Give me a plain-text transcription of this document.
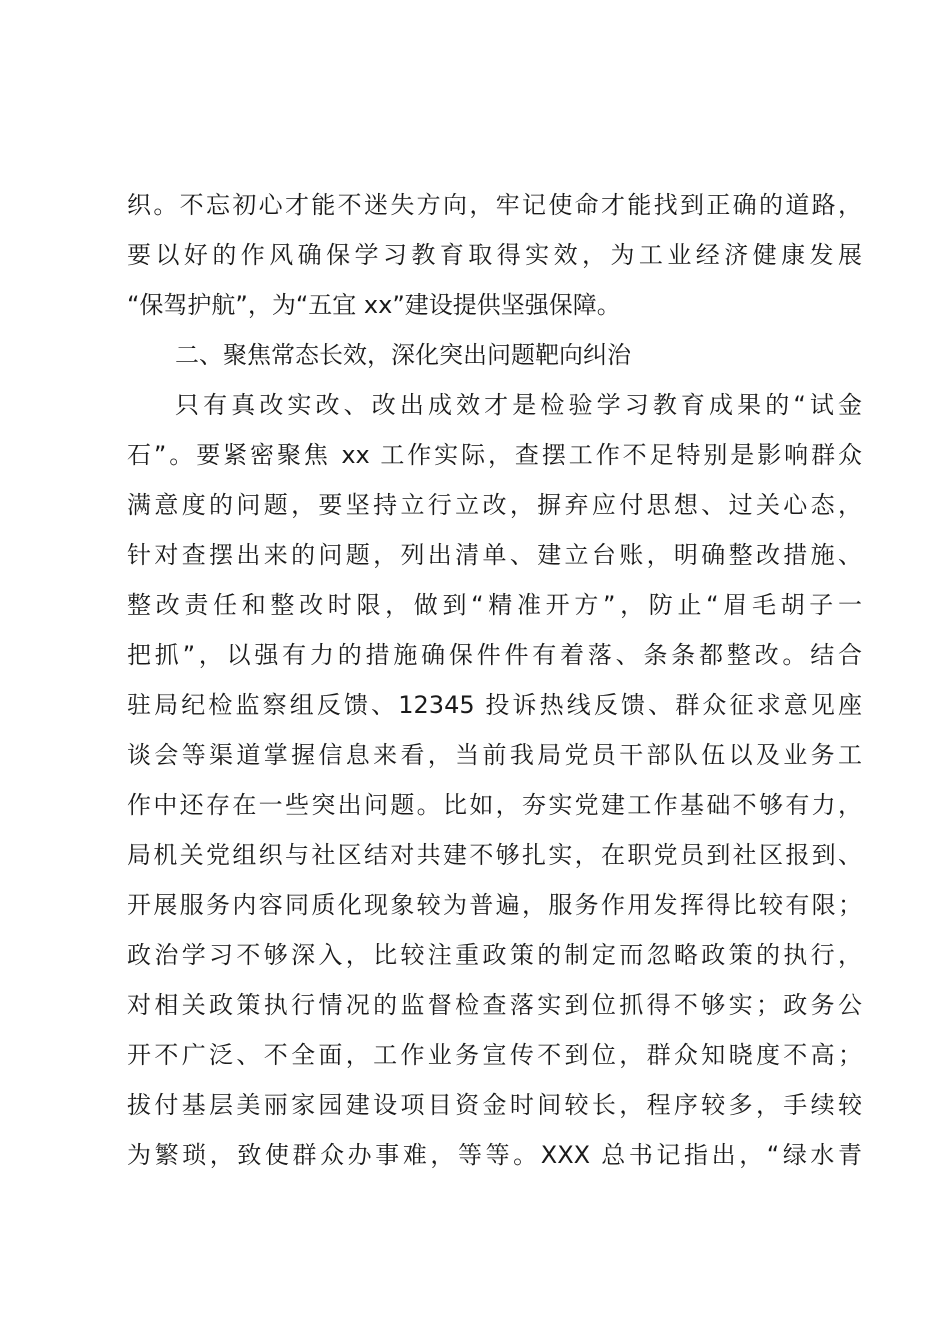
织。不忘初心才能不迷失方向，牢记使命才能找到正确的道路，
要以好的作风确保学习教育取得实效，为工业经济健康发展
“保驾护航”，为“五宜 xx”建设提供坚强保障。
二、聚焦常态长效，深化突出问题靶向纠治
只有真改实改、改出成效才是检验学习教育成果的“试金
石”。要紧密聚焦 xx 工作实际，查摆工作不足特别是影响群众
满意度的问题，要坚持立行立改，摒弃应付思想、过关心态，
针对查摆出来的问题，列出清单、建立台账，明确整改措施、
整改责任和整改时限，做到“精准开方”，防止“眉毛胡子一
把抓”，以强有力的措施确保件件有着落、条条都整改。结合
驻局纪检监察组反馈、12345 投诉热线反馈、群众征求意见座
谈会等渠道掌握信息来看，当前我局党员干部队伍以及业务工
作中还存在一些突出问题。比如，夯实党建工作基础不够有力，
局机关党组织与社区结对共建不够扎实，在职党员到社区报到、
开展服务内容同质化现象较为普遍，服务作用发挥得比较有限；
政治学习不够深入，比较注重政策的制定而忽略政策的执行，
对相关政策执行情况的监督检查落实到位抓得不够实；政务公
开不广泛、不全面，工作业务宣传不到位，群众知晓度不高；
拔付基层美丽家园建设项目资金时间较长，程序较多，手续较
为繁琐，致使群众办事难，等等。XXX 总书记指出，“绿水青
